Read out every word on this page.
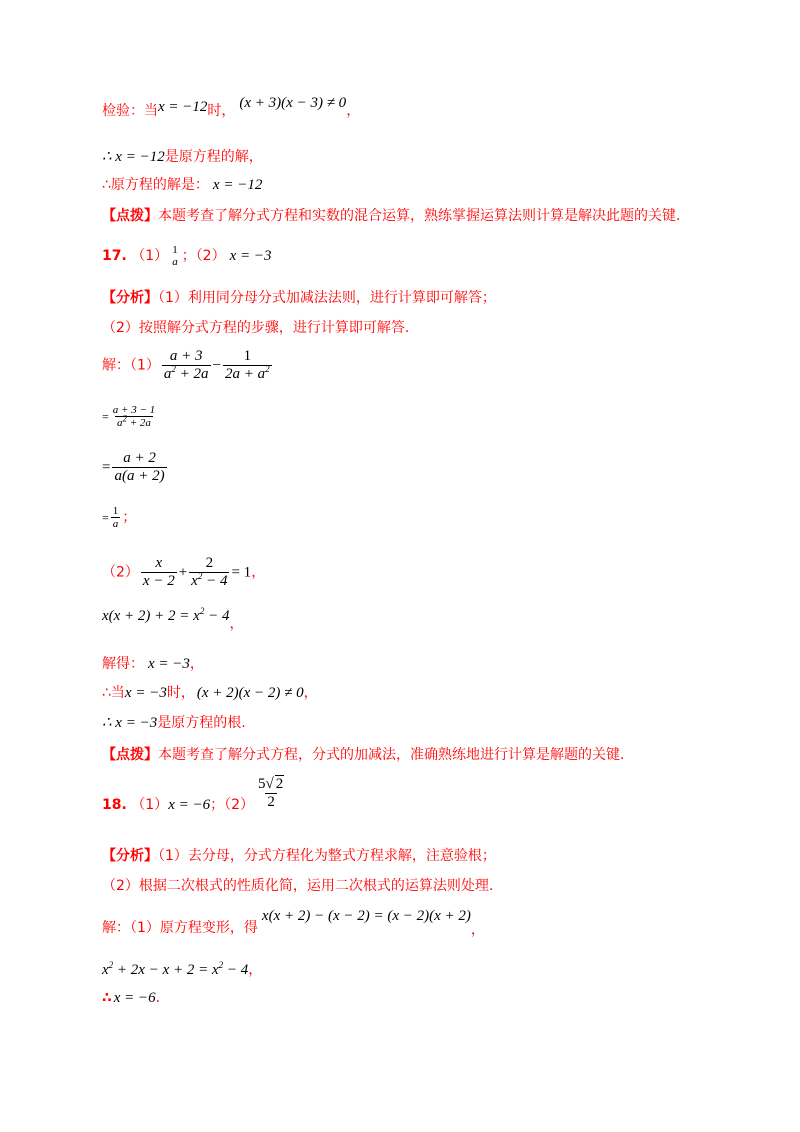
检验：当x = −12时， (x + 3)(x − 3) ≠ 0，
∴ x = −12是原方程的解，
∴原方程的解是： x = −12
【点拨】本题考查了解分式方程和实数的混合运算，熟练掌握运算法则计算是解决此题的关键.
17. （1） 1
a ；（2） x = −3
【分析】（1）利用同分母分式加减法法则，进行计算即可解答；
（2）按照解分式方程的步骤，进行计算即可解答.
解：$(1) \frac{a + 3}{a^2 + 2a} - \frac{1}{2a + a^2}$
= $\frac{a + 3 - 1}{a^2 + 2a}$
= $\frac{a + 2}{a(a + 2)}$
= $\frac{1}{a}$ ；
$(2) \frac{x}{x - 2} + \frac{2}{x^2 - 4} = 1$，
$x(x + 2) + 2 = x^2 - 4$，
解得： x = −3，
∴当x = −3时， (x + 2)(x − 2) ≠ 0，
∴ x = −3是原方程的根.
【点拨】本题考查了解分式方程，分式的加减法，准确熟练地进行计算是解题的关键.
18. （1）x = −6；$(2) \frac{5√ 2}{2}$
【分析】（1）去分母，分式方程化为整式方程求解，注意验根；
（2）根据二次根式的性质化简，运用二次根式的运算法则处理.
解：（1）原方程变形，得x(x + 2) − (x − 2) = (x − 2)(x + 2)，
$x^2 + 2x - x + 2 = x^2 - 4$，
∴ x = −6.
